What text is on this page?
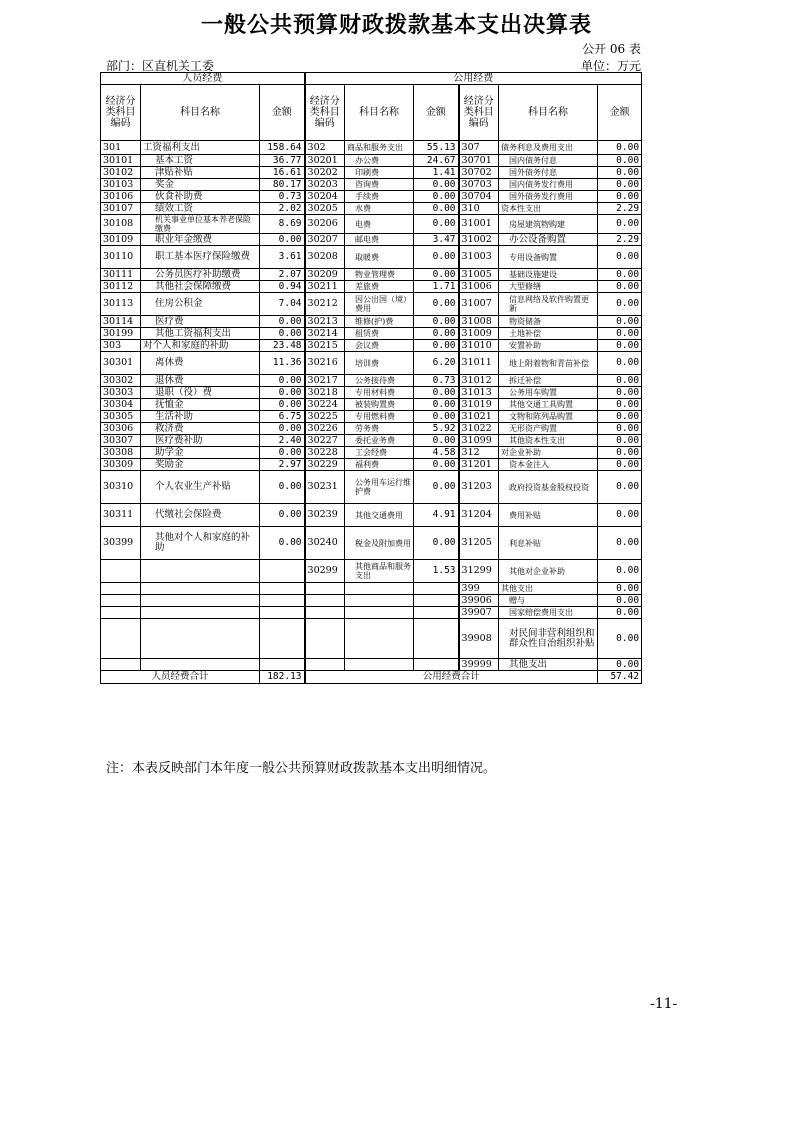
一般公共预算财政拨款基本支出决算表
公开 06 表
部门：区直机关工委	单位：万元
人员经费			公用经费					
经济分类科目编码	科目名称	金额	经济分类科目编码	科目名称	金额	经济分类科目编码	科目名称	金额
301	工资福利支出	158.64	302	商品和服务支出	55.13	307	债务利息及费用支出	0.00
30101	基本工资	36.77	30201	办公费	24.67	30701	国内债务付息	0.00
30102	津贴补贴	16.61	30202	印刷费	1.41	30702	国外债务付息	0.00
30103	奖金	80.17	30203	咨询费	0.00	30703	国内债务发行费用	0.00
30106	伙食补助费	0.73	30204	手续费	0.00	30704	国外债务发行费用	0.00
30107	绩效工资	2.02	30205	水费	0.00	310	资本性支出	2.29
30108	机关事业单位基本养老保险缴费	8.69	30206	电费	0.00	31001	房屋建筑物购建	0.00
30109	职业年金缴费	0.00	30207	邮电费	3.47	31002	办公设备购置	2.29
30110	职工基本医疗保险缴费	3.61	30208	取暖费	0.00	31003	专用设备购置	0.00
30111	公务员医疗补助缴费	2.07	30209	物业管理费	0.00	31005	基础设施建设	0.00
30112	其他社会保障缴费	0.94	30211	差旅费	1.71	31006	大型修缮	0.00
30113	住房公积金	7.04	30212	因公出国（境）费用	0.00	31007	信息网络及软件购置更新	0.00
30114	医疗费	0.00	30213	维修(护)费	0.00	31008	物资储备	0.00
30199	其他工资福利支出	0.00	30214	租赁费	0.00	31009	土地补偿	0.00
303	对个人和家庭的补助	23.48	30215	会议费	0.00	31010	安置补助	0.00
30301	离休费	11.36	30216	培训费	6.20	31011	地上附着物和青苗补偿	0.00
30302	退休费	0.00	30217	公务接待费	0.73	31012	拆迁补偿	0.00
30303	退职（役）费	0.00	30218	专用材料费	0.00	31013	公务用车购置	0.00
30304	抚恤金	0.00	30224	被装购置费	0.00	31019	其他交通工具购置	0.00
30305	生活补助	6.75	30225	专用燃料费	0.00	31021	文物和陈列品购置	0.00
30306	救济费	0.00	30226	劳务费	5.92	31022	无形资产购置	0.00
30307	医疗费补助	2.40	30227	委托业务费	0.00	31099	其他资本性支出	0.00
30308	助学金	0.00	30228	工会经费	4.58	312	对企业补助	0.00
30309	奖励金	2.97	30229	福利费	0.00	31201	资本金注入	0.00
30310	个人农业生产补贴	0.00	30231	公务用车运行维护费	0.00	31203	政府投资基金股权投资	0.00
30311	代缴社会保险费	0.00	30239	其他交通费用	4.91	31204	费用补贴	0.00
30399	其他对个人和家庭的补助	0.00	30240	税金及附加费用	0.00	31205	利息补贴	0.00
			30299	其他商品和服务支出	1.53	31299	其他对企业补助	0.00
						399	其他支出	0.00
						39906	赠与	0.00
						39907	国家赔偿费用支出	0.00
						39908	对民间非营利组织和群众性自治组织补贴	0.00
						39999	其他支出	0.00
人员经费合计		182.13	公用经费合计					57.42
注：本表反映部门本年度一般公共预算财政拨款基本支出明细情况。
-11-
